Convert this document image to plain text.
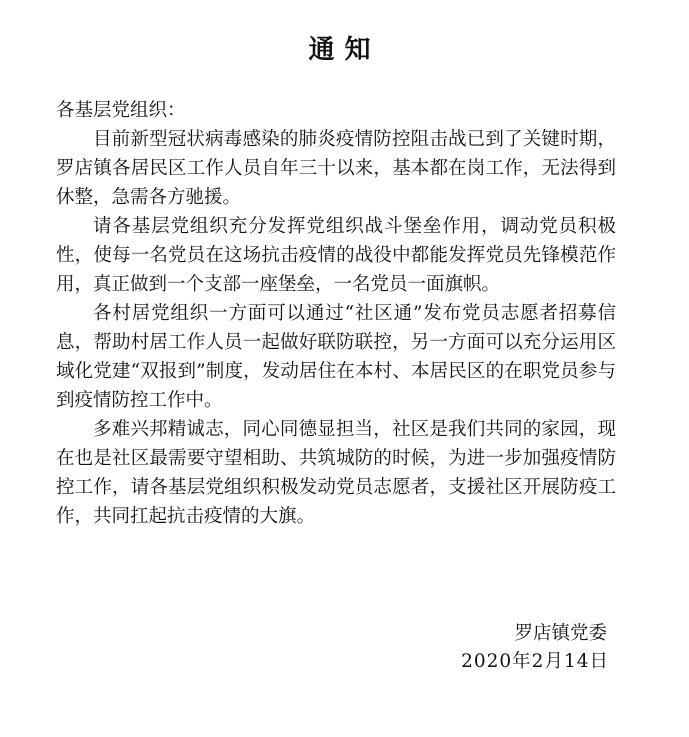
通知

各基层党组织：

目前新型冠状病毒感染的肺炎疫情防控阻击战已到了关键时期，罗店镇各居民区工作人员自年三十以来，基本都在岗工作，无法得到休整，急需各方驰援。

请各基层党组织充分发挥党组织战斗堡垒作用，调动党员积极性，使每一名党员在这场抗击疫情的战役中都能发挥党员先锋模范作用，真正做到一个支部一座堡垒，一名党员一面旗帜。

各村居党组织一方面可以通过“社区通”发布党员志愿者招募信息，帮助村居工作人员一起做好联防联控，另一方面可以充分运用区域化党建“双报到”制度，发动居住在本村、本居民区的在职党员参与到疫情防控工作中。

多难兴邦精诚志，同心同德显担当，社区是我们共同的家园，现在也是社区最需要守望相助、共筑城防的时候，为进一步加强疫情防控工作，请各基层党组织积极发动党员志愿者，支援社区开展防疫工作，共同扛起抗击疫情的大旗。

罗店镇党委
2020年2月14日
